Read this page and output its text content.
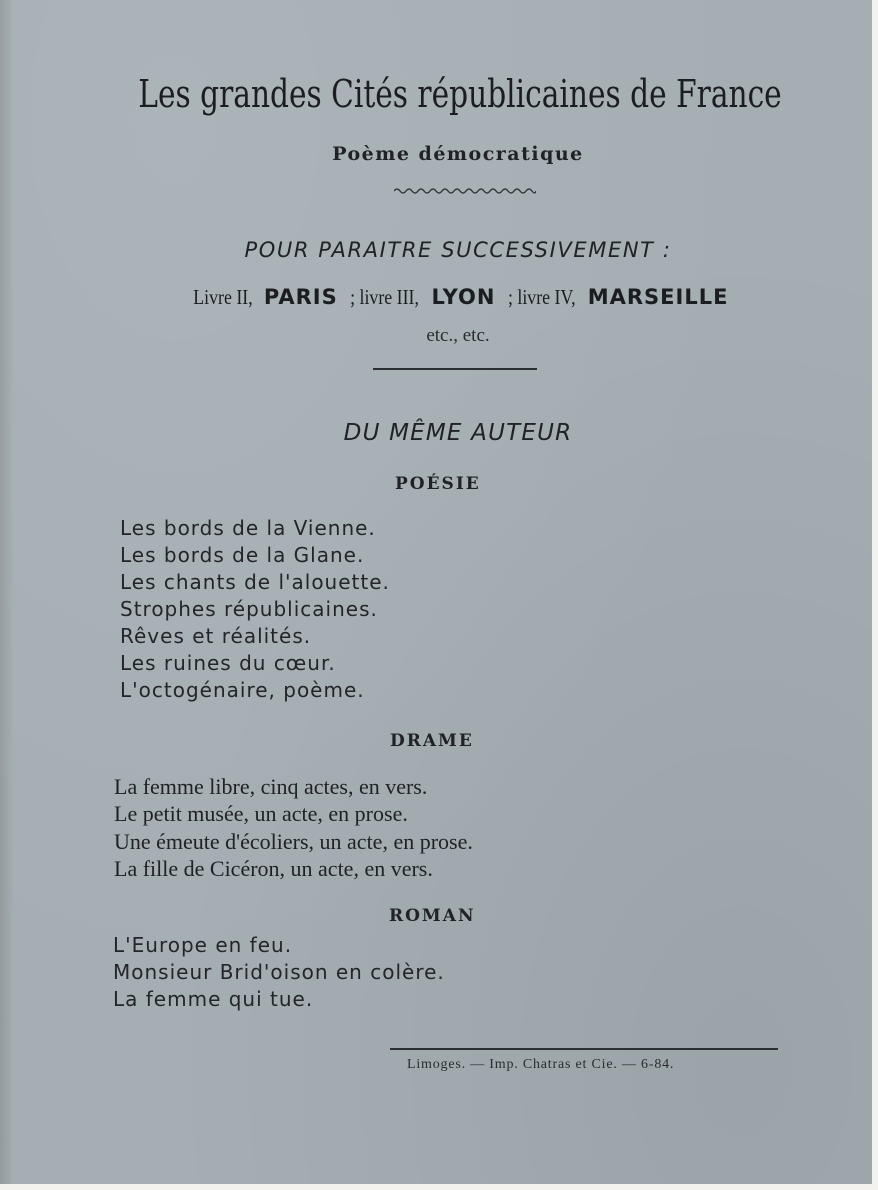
Les grandes Cités républicaines de France
Poème démocratique
POUR PARAITRE SUCCESSIVEMENT :
Livre II, PARIS ; livre III, LYON ; livre IV, MARSEILLE
etc., etc.
DU MÊME AUTEUR
POÉSIE
Les bords de la Vienne.
Les bords de la Glane.
Les chants de l'alouette.
Strophes républicaines.
Rêves et réalités.
Les ruines du cœur.
L'octogénaire, poème.
DRAME
La femme libre, cinq actes, en vers.
Le petit musée, un acte, en prose.
Une émeute d'écoliers, un acte, en prose.
La fille de Cicéron, un acte, en vers.
ROMAN
L'Europe en feu.
Monsieur Brid'oison en colère.
La femme qui tue.
Limoges. — Imp. Chatras et Cie. — 6-84.
